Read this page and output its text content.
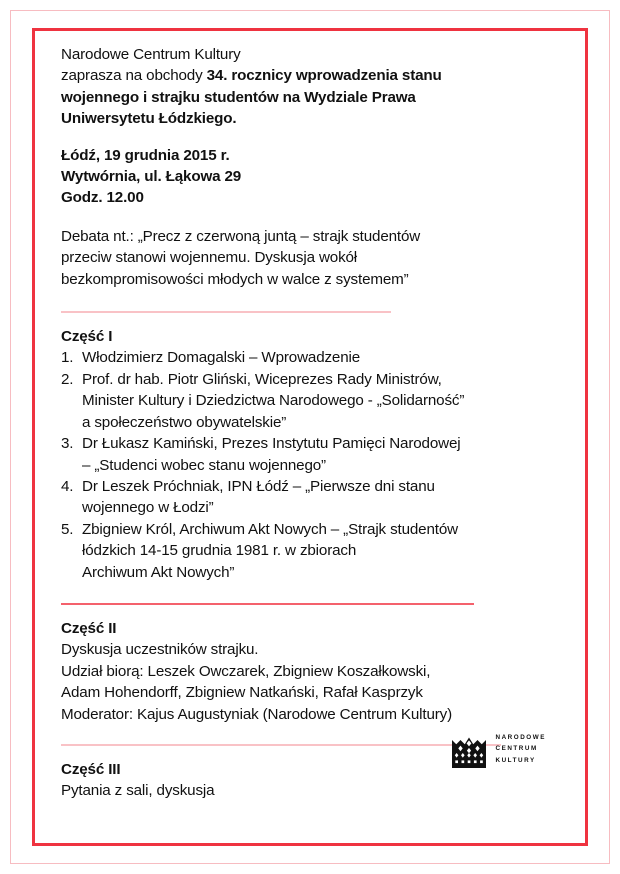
Narodowe Centrum Kultury
zaprasza na obchody 34. rocznicy wprowadzenia stanu
wojennego i strajku studentów na Wydziale Prawa
Uniwersytetu Łódzkiego.
Łódź, 19 grudnia 2015 r.
Wytwórnia, ul. Łąkowa 29
Godz. 12.00
Debata nt.: „Precz z czerwoną juntą – strajk studentów
przeciw stanowi wojennemu. Dyskusja wokół
bezkompromisowości młodych w walce z systemem”
Część I
1. Włodzimierz Domagalski – Wprowadzenie
2. Prof. dr hab. Piotr Gliński, Wiceprezes Rady Ministrów,
Minister Kultury i Dziedzictwa Narodowego - „Solidarność”
a społeczeństwo obywatelskie”
3. Dr Łukasz Kamiński, Prezes Instytutu Pamięci Narodowej
– „Studenci wobec stanu wojennego”
4. Dr Leszek Próchniak, IPN Łódź – „Pierwsze dni stanu
wojennego w Łodzi”
5. Zbigniew Król, Archiwum Akt Nowych – „Strajk studentów
łódzkich 14-15 grudnia 1981 r. w zbiorach
Archiwum Akt Nowych”
Część II
Dyskusja uczestników strajku.
Udział biorą: Leszek Owczarek, Zbigniew Koszałkowski,
Adam Hohendorff, Zbigniew Natkański, Rafał Kasprzyk
Moderator: Kajus Augustyniak (Narodowe Centrum Kultury)
Część III
Pytania z sali, dyskusja
NARODOWE
CENTRUM
KULTURY
